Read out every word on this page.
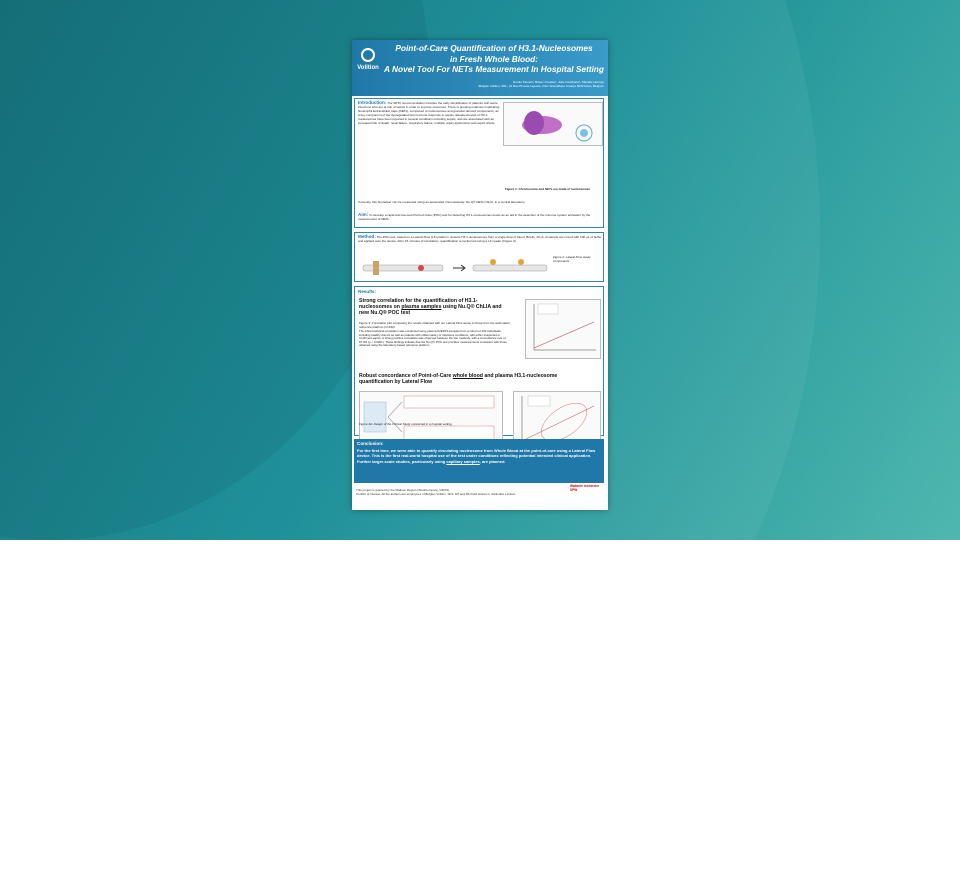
Volition
Point-of-Care Quantification of H3.1-Nucleosomes
in Fresh Whole Blood:
A Novel Tool For NETs Measurement In Hospital Setting
Dorian Pamart¹, Brieuc Cuvelier¹, Julie Candiracci¹, Marielle Herzog¹
¹Belgian Volition, SRL, 22 Rue Phocas Lejeune, Parc Scientifique Crealys 5032 Isnes, Belgium
Introduction: The WHO recommendation includes the early identification of patients with acute infections who are at risk of sepsis in order to improve outcomes. There is growing evidence implicating Neutrophil Extracellular traps (NETs), composed of nucleosomes and granular-derived components, as a key component of the dysregulated host immune response in sepsis. Elevated levels of H3.1-nucleosomes have been reported in several conditions including sepsis, and are associated with an increased risk of death, renal failure, respiratory failure, multiple organ dysfunction and septic shock.
Figure 1: Chromosome and NETs are made of nucleosomes
Currently, this biomarker can be measured using an automated immunoassay: Nu.Q® NETs ChLIA, in a central laboratory.
Aim: To develop a rapid and low-cost Point-of-Care (POC) test for detecting H3.1-nucleosomes levels as an aid in the detection of the immune system activation by the measurement of NETs.
Method: The POC test, based on a Lateral Flow (LF) platform, detects H3.1-nucleosomes from a single drop of blood. Briefly, 20 µL of sample are mixed with 100 µL of buffer and applied onto the device. After 15 minutes of incubation, quantification is performed using a LF reader (Figure 2).
Figure 2: Lateral Flow assay components
Results:
Strong correlation for the quantification of H3.1-nucleosomes on plasma samples using Nu.Q® ChLIA and new Nu.Q® POC test
Figure 3: Correlation plot comparing the results obtained with our Lateral Flow assay to those from the automated reference platform (n=433).
The initial analytical correlation was conducted using plasma K2EDTA samples from a cohort of 432 individuals, including healthy donors as well as patients with inflammatory or infectious conditions, with either suspected or confirmed sepsis. A strong positive correlation was observed between the two methods, with a concordance rate of 87.3% (p < 0.0001). These findings indicate that the Nu.Q® POC test provides measurements consistent with those obtained using the laboratory-based reference platform.
Robust concordance of Point-of-Care whole blood and plasma H3.1-nucleosome quantification by Lateral Flow
Figure 4A: Design of the Clinical Study conducted in a hospital setting.
Conclusion:
For the first time, we were able to quantify circulating nucleosome from Whole Blood at the point-of-care using a Lateral Flow device. This is the first real-world hospital use of the test under conditions reflecting potential intended clinical application.
Further larger-scale studies, particularly using capillary samples, are planned.
This project is granted by the Walloon Region (Win4Company, C8070).
Conflict of interest: All the authors are employees of Belgian Volition, SRL. DP and MH hold shares in VolitionRx Limited.
Wallonie recherche SPW
